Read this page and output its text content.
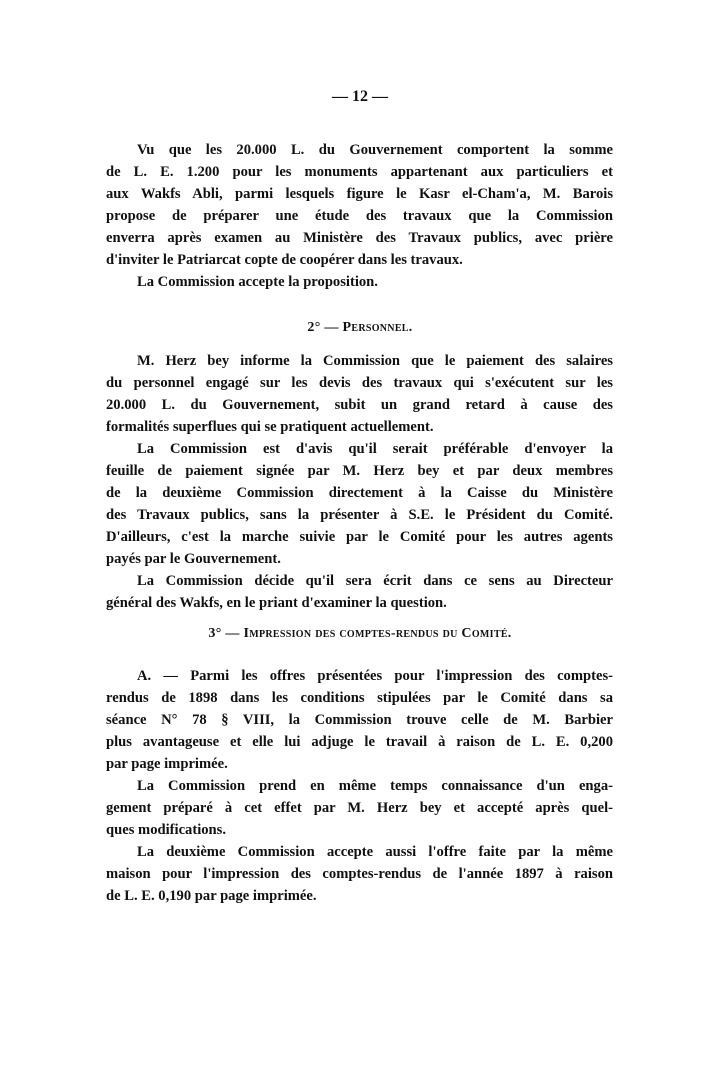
— 12 —
Vu que les 20.000 L. du Gouvernement comportent la somme
de L. E. 1.200 pour les monuments appartenant aux particuliers et
aux Wakfs Abli, parmi lesquels figure le Kasr el-Cham'a, M. Barois
propose de préparer une étude des travaux que la Commission
enverra après examen au Ministère des Travaux publics, avec prière
d'inviter le Patriarcat copte de coopérer dans les travaux.
La Commission accepte la proposition.
2° — Personnel.
M. Herz bey informe la Commission que le paiement des salaires
du personnel engagé sur les devis des travaux qui s'exécutent sur les
20.000 L. du Gouvernement, subit un grand retard à cause des
formalités superflues qui se pratiquent actuellement.
La Commission est d'avis qu'il serait préférable d'envoyer la
feuille de paiement signée par M. Herz bey et par deux membres
de la deuxième Commission directement à la Caisse du Ministère
des Travaux publics, sans la présenter à S.E. le Président du Comité.
D'ailleurs, c'est la marche suivie par le Comité pour les autres agents
payés par le Gouvernement.
La Commission décide qu'il sera écrit dans ce sens au Directeur
général des Wakfs, en le priant d'examiner la question.
3° — Impression des comptes-rendus du Comité.
A. — Parmi les offres présentées pour l'impression des comptes-
rendus de 1898 dans les conditions stipulées par le Comité dans sa
séance N° 78 § VIII, la Commission trouve celle de M. Barbier
plus avantageuse et elle lui adjuge le travail à raison de L. E. 0,200
par page imprimée.
La Commission prend en même temps connaissance d'un enga-
gement préparé à cet effet par M. Herz bey et accepté après quel-
ques modifications.
La deuxième Commission accepte aussi l'offre faite par la même
maison pour l'impression des comptes-rendus de l'année 1897 à raison
de L. E. 0,190 par page imprimée.
